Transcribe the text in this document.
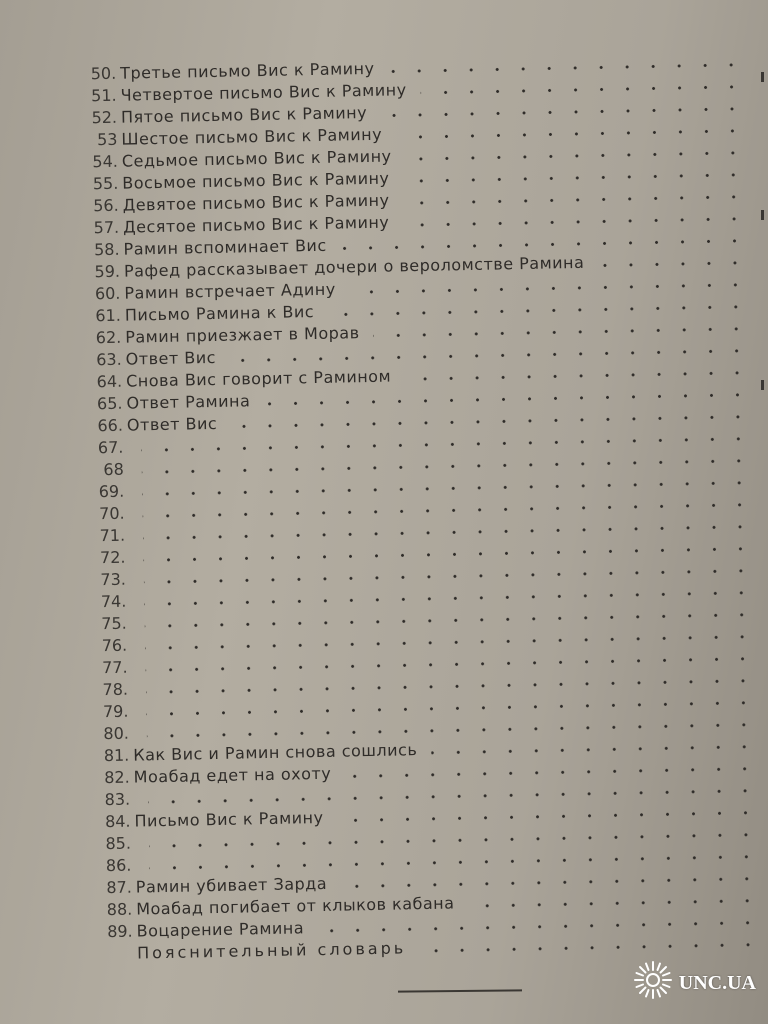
50. Третье письмо Вис к Рамину
51. Четвертое письмо Вис к Рамину
52. Пятое письмо Вис к Рамину
53 Шестое письмо Вис к Рамину
54. Седьмое письмо Вис к Рамину
55. Восьмое письмо Вис к Рамину
56. Девятое письмо Вис к Рамину
57. Десятое письмо Вис к Рамину
58. Рамин вспоминает Вис
59. Рафед рассказывает дочери о вероломстве Рамина
60. Рамин встречает Адину
61. Письмо Рамина к Вис
62. Рамин приезжает в Морав
63. Ответ Вис
64. Снова Вис говорит с Рамином
65. Ответ Рамина
66. Ответ Вис
67.
68
69.
70.
71.
72.
73.
74.
75.
76.
77.
78.
79.
80.
81. Как Вис и Рамин снова сошлись
82. Моабад едет на охоту
83.
84. Письмо Вис к Рамину
85.
86.
87. Рамин убивает Зарда
88. Моабад погибает от клыков кабана
89. Воцарение Рамина
Пояснительный словарь
UNC.UA
